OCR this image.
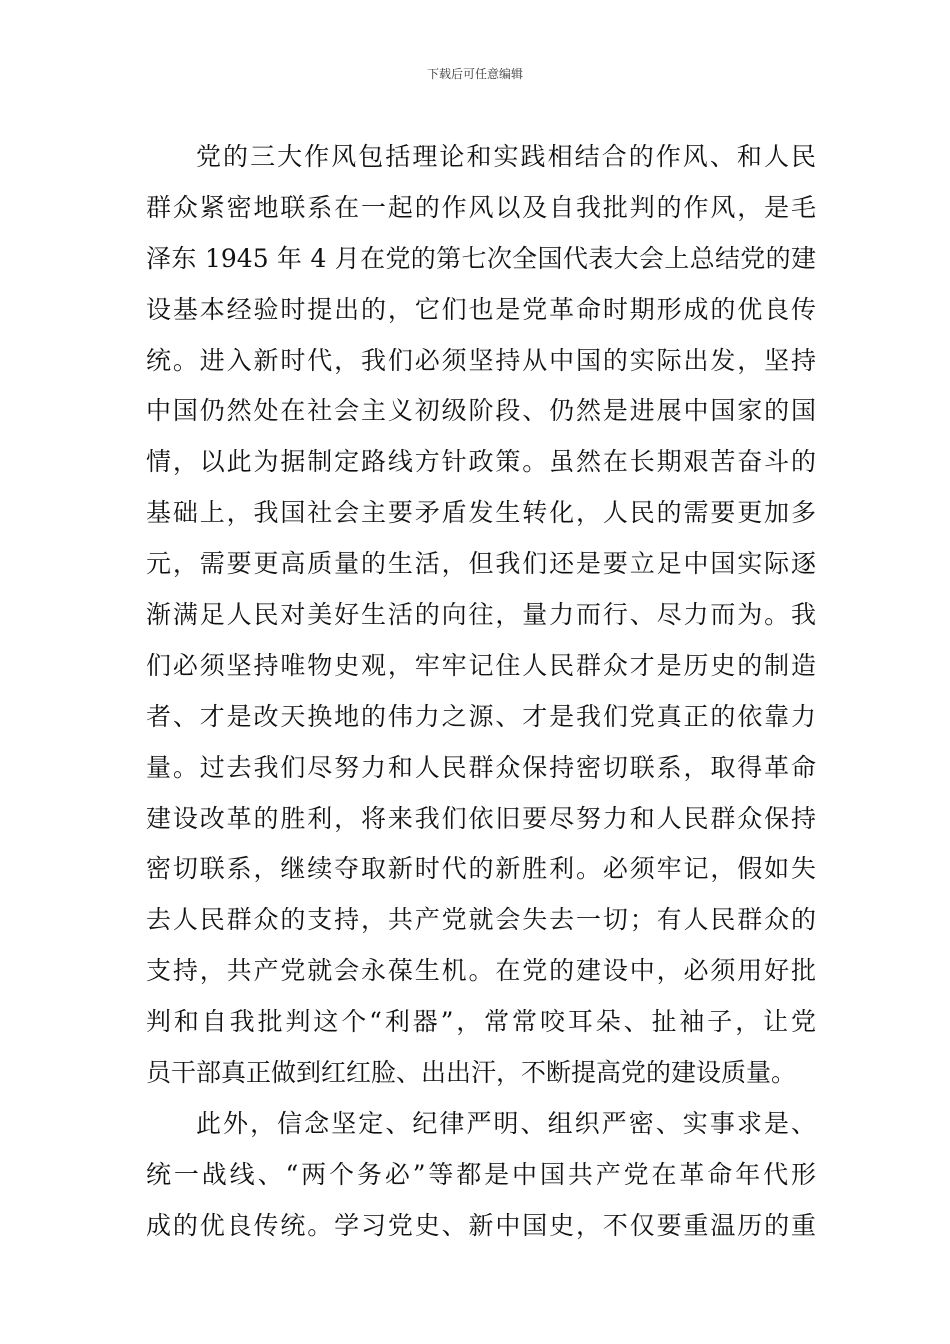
下载后可任意编辑
党的三大作风包括理论和实践相结合的作风、和人民
群众紧密地联系在一起的作风以及自我批判的作风，是毛
泽东 1945 年 4 月在党的第七次全国代表大会上总结党的建
设基本经验时提出的，它们也是党革命时期形成的优良传
统。进入新时代，我们必须坚持从中国的实际出发，坚持
中国仍然处在社会主义初级阶段、仍然是进展中国家的国
情，以此为据制定路线方针政策。虽然在长期艰苦奋斗的
基础上，我国社会主要矛盾发生转化，人民的需要更加多
元，需要更高质量的生活，但我们还是要立足中国实际逐
渐满足人民对美好生活的向往，量力而行、尽力而为。我
们必须坚持唯物史观，牢牢记住人民群众才是历史的制造
者、才是改天换地的伟力之源、才是我们党真正的依靠力
量。过去我们尽努力和人民群众保持密切联系，取得革命
建设改革的胜利，将来我们依旧要尽努力和人民群众保持
密切联系，继续夺取新时代的新胜利。必须牢记，假如失
去人民群众的支持，共产党就会失去一切；有人民群众的
支持，共产党就会永葆生机。在党的建设中，必须用好批
判和自我批判这个“利器”，常常咬耳朵、扯袖子，让党
员干部真正做到红红脸、出出汗，不断提高党的建设质量。
此外，信念坚定、纪律严明、组织严密、实事求是、
统一战线、“两个务必”等都是中国共产党在革命年代形
成的优良传统。学习党史、新中国史，不仅要重温历的重
